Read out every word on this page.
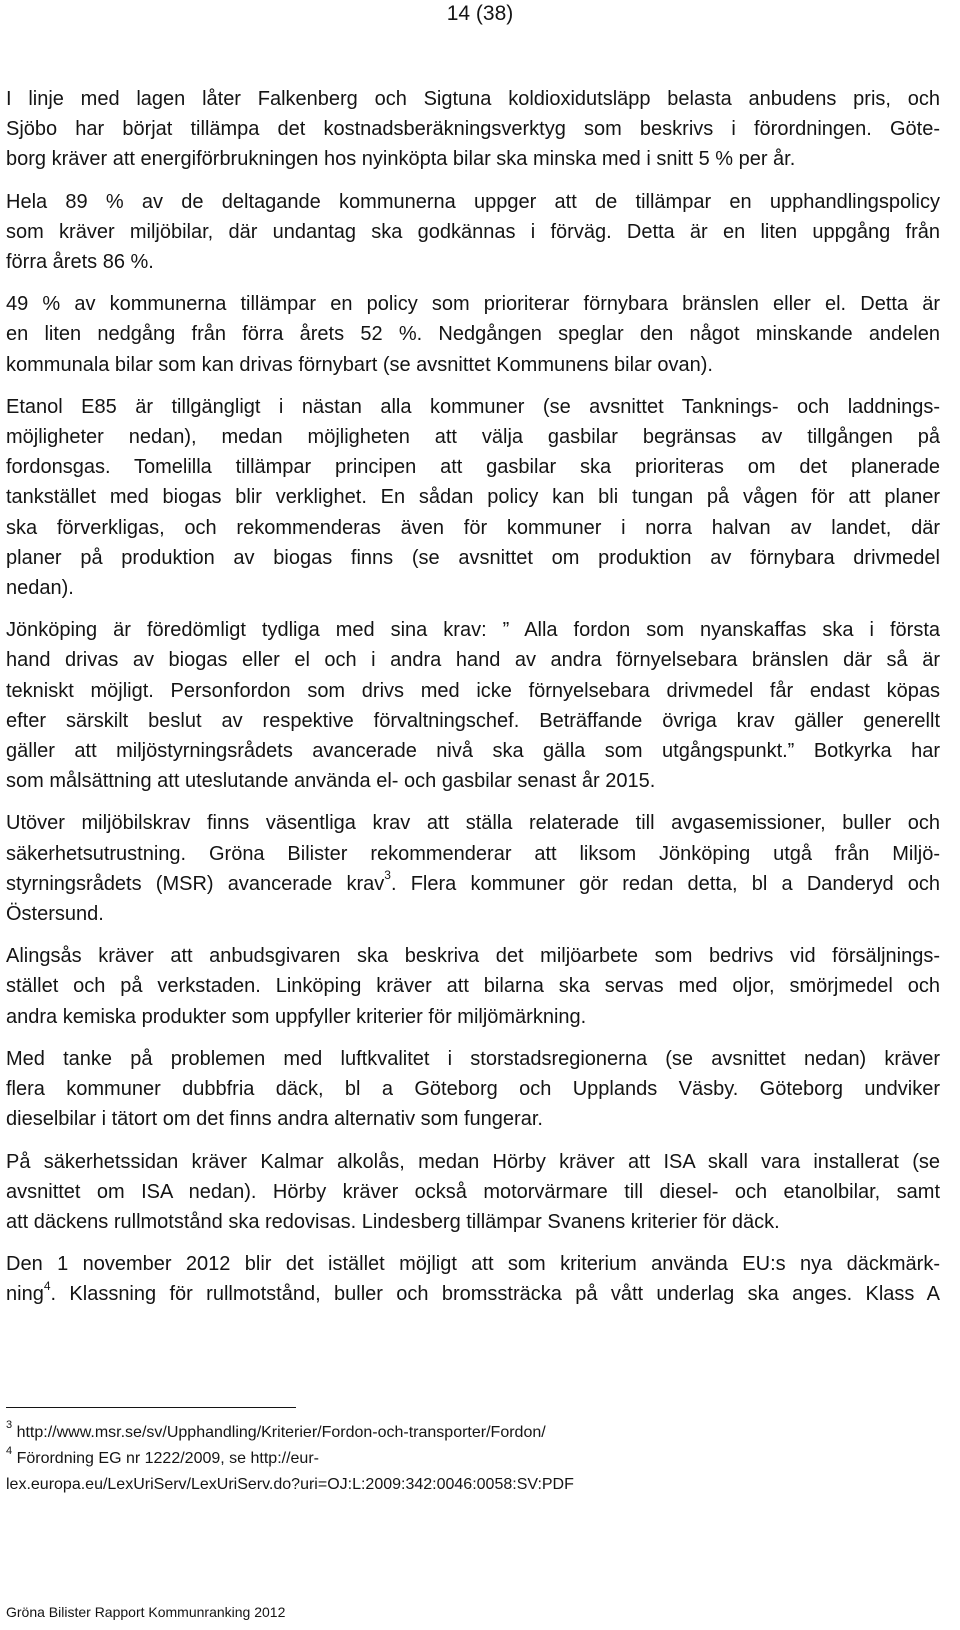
14 (38)

I linje med lagen låter Falkenberg och Sigtuna koldioxidutsläpp belasta anbudens pris, och
Sjöbo har börjat tillämpa det kostnadsberäkningsverktyg som beskrivs i förordningen. Göte-
borg kräver att energiförbrukningen hos nyinköpta bilar ska minska med i snitt 5 % per år.

Hela 89 % av de deltagande kommunerna uppger att de tillämpar en upphandlingspolicy
som kräver miljöbilar, där undantag ska godkännas i förväg. Detta är en liten uppgång från
förra årets 86 %.

49 % av kommunerna tillämpar en policy som prioriterar förnybara bränslen eller el. Detta är
en liten nedgång från förra årets 52 %. Nedgången speglar den något minskande andelen
kommunala bilar som kan drivas förnybart (se avsnittet Kommunens bilar ovan).

Etanol E85 är tillgängligt i nästan alla kommuner (se avsnittet Tanknings- och laddnings-
möjligheter nedan), medan möjligheten att välja gasbilar begränsas av tillgången på
fordonsgas. Tomelilla tillämpar principen att gasbilar ska prioriteras om det planerade
tankstället med biogas blir verklighet. En sådan policy kan bli tungan på vågen för att planer
ska förverkligas, och rekommenderas även för kommuner i norra halvan av landet, där
planer på produktion av biogas finns (se avsnittet om produktion av förnybara drivmedel
nedan).

Jönköping är föredömligt tydliga med sina krav: ” Alla fordon som nyanskaffas ska i första
hand drivas av biogas eller el och i andra hand av andra förnyelsebara bränslen där så är
tekniskt möjligt. Personfordon som drivs med icke förnyelsebara drivmedel får endast köpas
efter särskilt beslut av respektive förvaltningschef. Beträffande övriga krav gäller generellt
gäller att miljöstyrningsrådets avancerade nivå ska gälla som utgångspunkt.” Botkyrka har
som målsättning att uteslutande använda el- och gasbilar senast år 2015.

Utöver miljöbilskrav finns väsentliga krav att ställa relaterade till avgasemissioner, buller och
säkerhetsutrustning. Gröna Bilister rekommenderar att liksom Jönköping utgå från Miljö-
styrningsrådets (MSR) avancerade krav$^3$. Flera kommuner gör redan detta, bl a Danderyd och
Östersund.

Alingsås kräver att anbudsgivaren ska beskriva det miljöarbete som bedrivs vid försäljnings-
stället och på verkstaden. Linköping kräver att bilarna ska servas med oljor, smörjmedel och
andra kemiska produkter som uppfyller kriterier för miljömärkning.

Med tanke på problemen med luftkvalitet i storstadsregionerna (se avsnittet nedan) kräver
flera kommuner dubbfria däck, bl a Göteborg och Upplands Väsby. Göteborg undviker
dieselbilar i tätort om det finns andra alternativ som fungerar.

På säkerhetssidan kräver Kalmar alkolås, medan Hörby kräver att ISA skall vara installerat (se
avsnittet om ISA nedan). Hörby kräver också motorvärmare till diesel- och etanolbilar, samt
att däckens rullmotstånd ska redovisas. Lindesberg tillämpar Svanens kriterier för däck.

Den 1 november 2012 blir det istället möjligt att som kriterium använda EU:s nya däckmärk-
ning$^4$. Klassning för rullmotstånd, buller och bromssträcka på vått underlag ska anges. Klass A

$^3$ http://www.msr.se/sv/Upphandling/Kriterier/Fordon-och-transporter/Fordon/
$^4$ Förordning EG nr 1222/2009, se http://eur-
lex.europa.eu/LexUriServ/LexUriServ.do?uri=OJ:L:2009:342:0046:0058:SV:PDF
Gröna Bilister Rapport Kommunranking 2012
